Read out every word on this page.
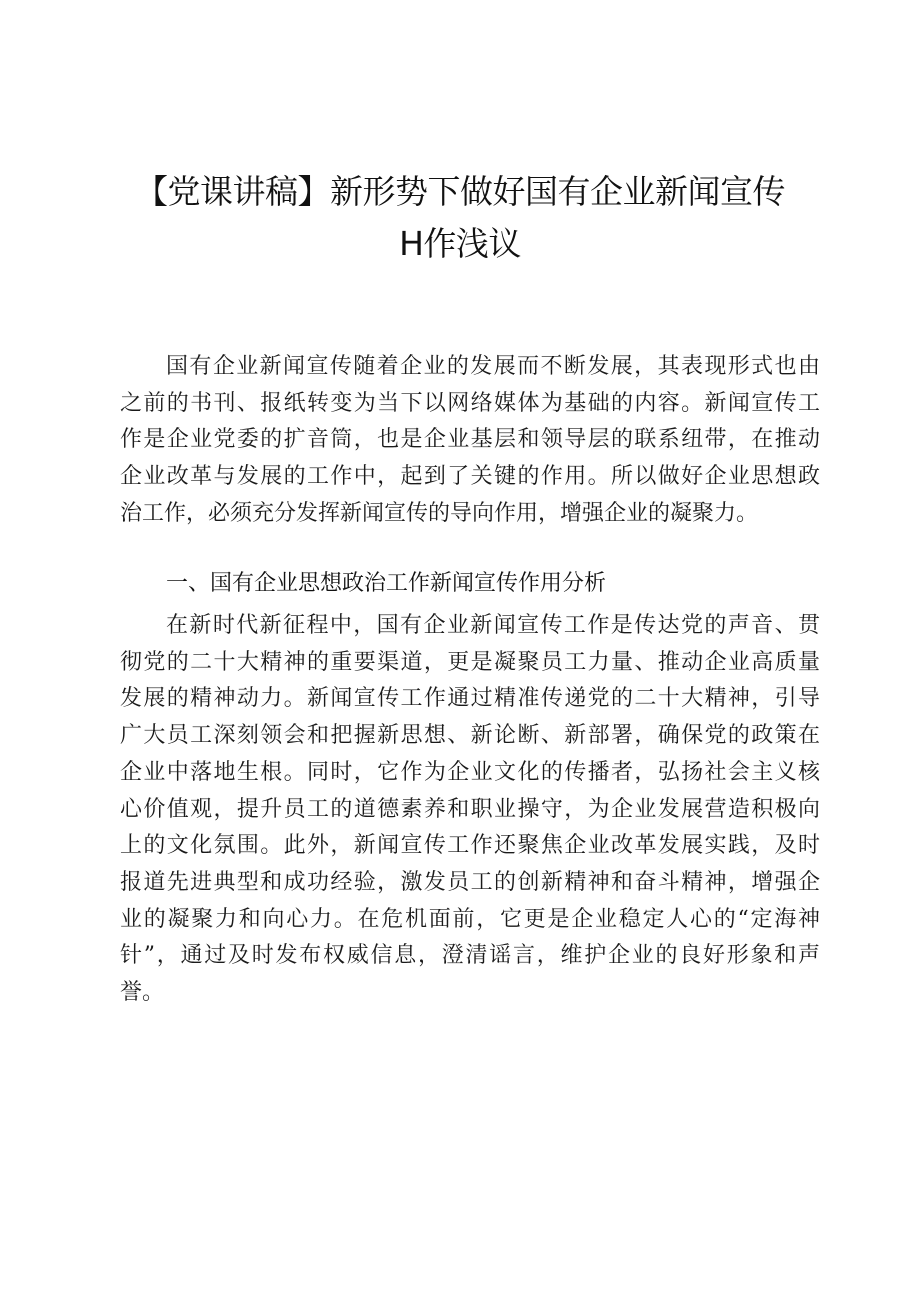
【党课讲稿】新形势下做好国有企业新闻宣传
H作浅议
国有企业新闻宣传随着企业的发展而不断发展，其表现形式也由
之前的书刊、报纸转变为当下以网络媒体为基础的内容。新闻宣传工
作是企业党委的扩音筒，也是企业基层和领导层的联系纽带，在推动
企业改革与发展的工作中，起到了关键的作用。所以做好企业思想政
治工作，必须充分发挥新闻宣传的导向作用，增强企业的凝聚力。
一、国有企业思想政治工作新闻宣传作用分析
在新时代新征程中，国有企业新闻宣传工作是传达党的声音、贯
彻党的二十大精神的重要渠道，更是凝聚员工力量、推动企业高质量
发展的精神动力。新闻宣传工作通过精准传递党的二十大精神，引导
广大员工深刻领会和把握新思想、新论断、新部署，确保党的政策在
企业中落地生根。同时，它作为企业文化的传播者，弘扬社会主义核
心价值观，提升员工的道德素养和职业操守，为企业发展营造积极向
上的文化氛围。此外，新闻宣传工作还聚焦企业改革发展实践，及时
报道先进典型和成功经验，激发员工的创新精神和奋斗精神，增强企
业的凝聚力和向心力。在危机面前，它更是企业稳定人心的“定海神
针”，通过及时发布权威信息，澄清谣言，维护企业的良好形象和声
誉。
